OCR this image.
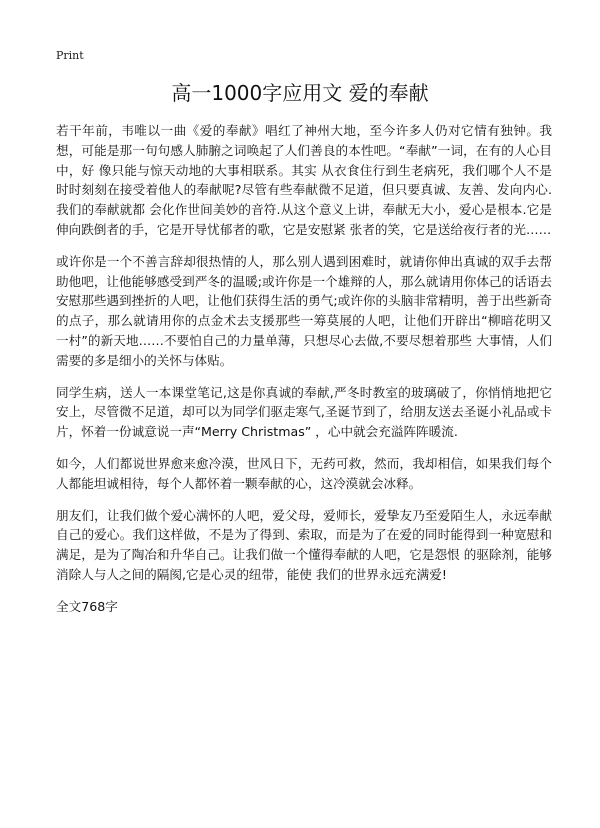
Print
高一1000字应用文 爱的奉献

若干年前，韦唯以一曲《爱的奉献》唱红了神州大地，至今许多人仍对它情有独钟。我想，可能是那一句句感人肺腑之词唤起了人们善良的本性吧。“奉献”一词，在有的人心目中，好 像只能与惊天动地的大事相联系。其实 从衣食住行到生老病死，我们哪个人不是时时刻刻在接受着他人的奉献呢?尽管有些奉献微不足道，但只要真诚、友善、发向内心.我们的奉献就都 会化作世间美妙的音符.从这个意义上讲，奉献无大小，爱心是根本.它是伸向跌倒者的手，它是开导忧郁者的歌，它是安慰紧 张者的笑，它是送给夜行者的光……

或许你是一个不善言辞却很热情的人，那么别人遇到困难时，就请你伸出真诚的双手去帮助他吧，让他能够感受到严冬的温暖;或许你是一个雄辩的人，那么就请用你体己的话语去安慰那些遇到挫折的人吧，让他们获得生活的勇气;或许你的头脑非常精明，善于出些新奇的点子，那么就请用你的点金术去支援那些一筹莫展的人吧，让他们开辟出“柳暗花明又一村”的新天地……不要怕自己的力量单薄，只想尽心去做,不要尽想着那些 大事情，人们需要的多是细小的关怀与体贴。

同学生病，送人一本课堂笔记,这是你真诚的奉献,严冬时教室的玻璃破了，你悄悄地把它安上，尽管微不足道，却可以为同学们驱走寒气,圣诞节到了，给朋友送去圣诞小礼品或卡片，怀着一份诚意说一声“Merry Christmas” ，心中就会充溢阵阵暖流.

如今，人们都说世界愈来愈冷漠，世风日下，无药可救，然而，我却相信，如果我们每个人都能坦诚相待，每个人都怀着一颗奉献的心，这冷漠就会冰释。

朋友们，让我们做个爱心满怀的人吧，爱父母，爱师长，爱挚友乃至爱陌生人，永远奉献自己的爱心。我们这样做，不是为了得到、索取，而是为了在爱的同时能得到一种宽慰和满足，是为了陶冶和升华自己。让我们做一个懂得奉献的人吧，它是怨恨 的驱除剂，能够消除人与人之间的隔阂,它是心灵的纽带，能使 我们的世界永远充满爱!

全文768字
